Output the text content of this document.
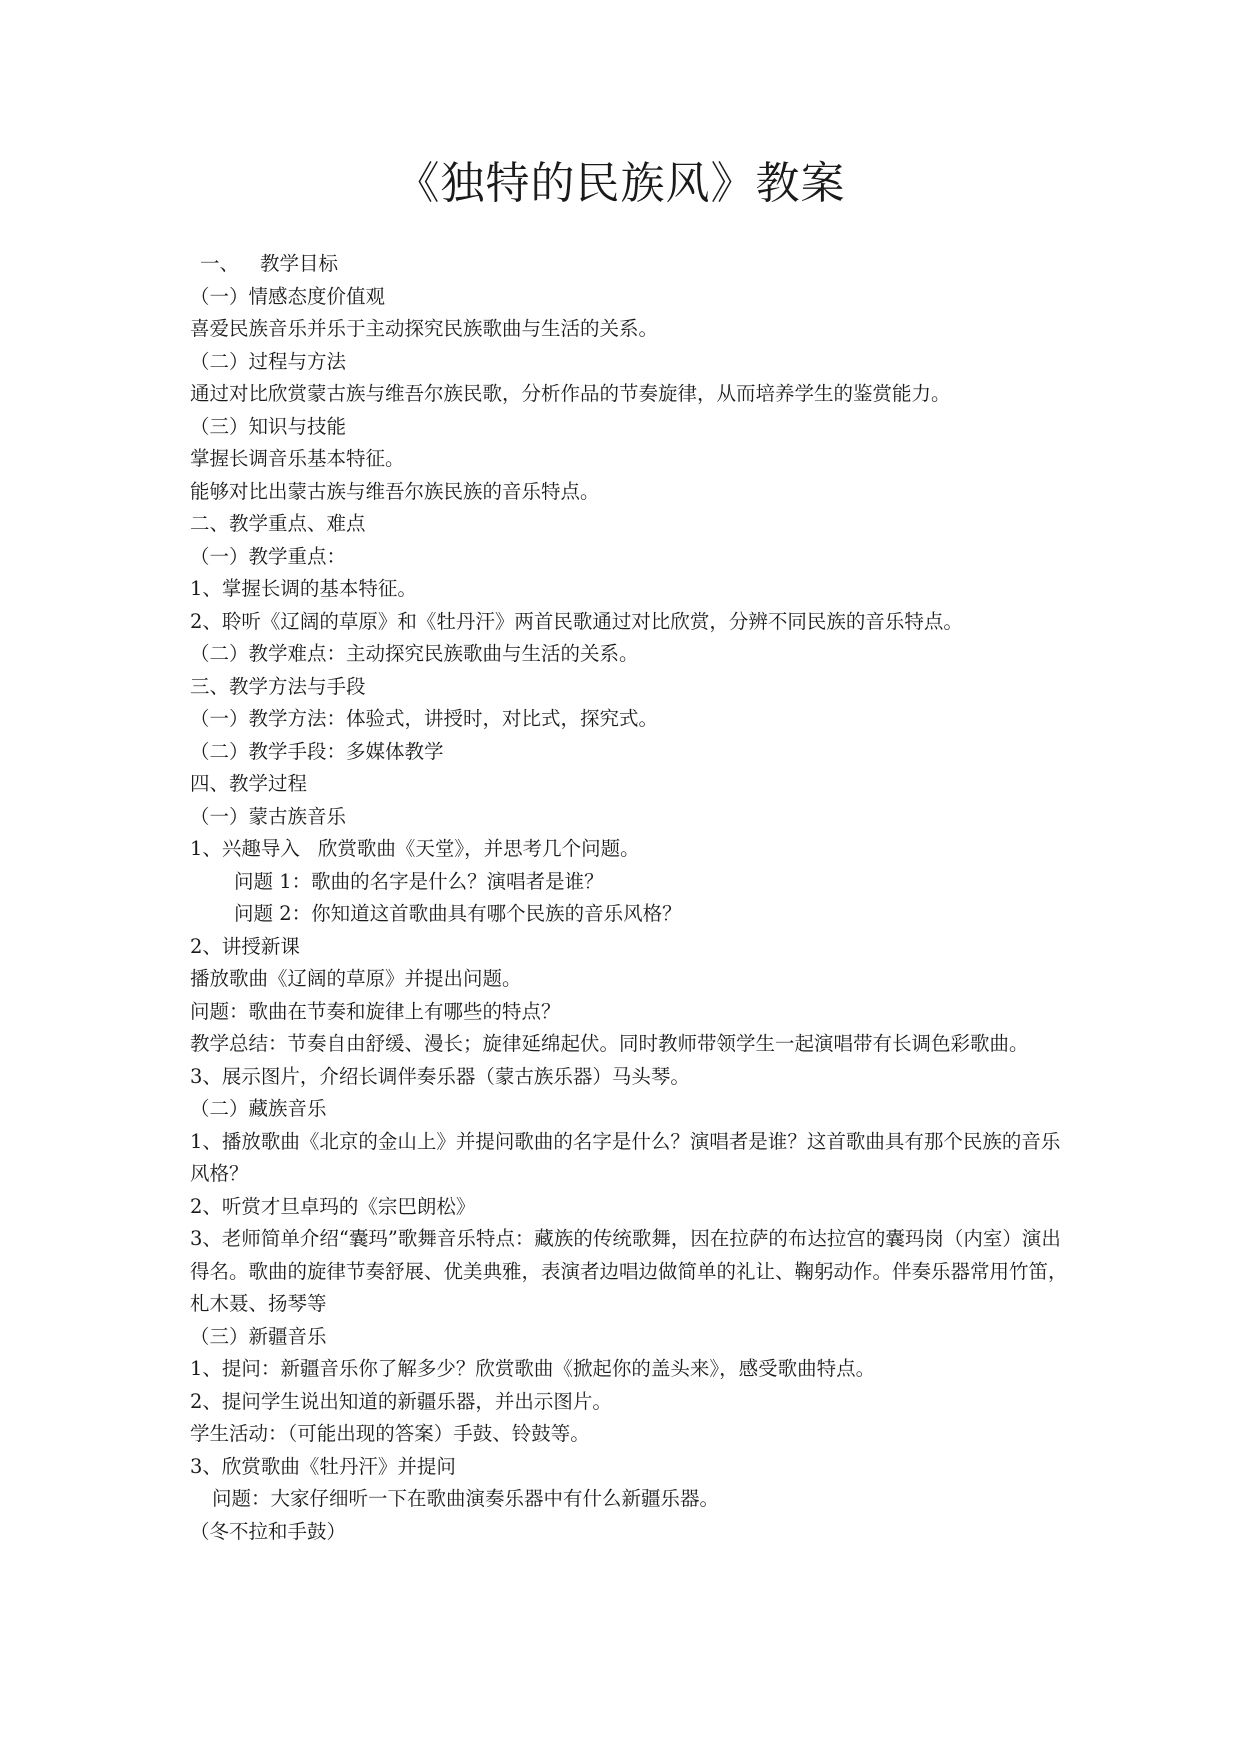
《独特的民族风》教案

一、 教学目标

（一）情感态度价值观

喜爱民族音乐并乐于主动探究民族歌曲与生活的关系。

（二）过程与方法

通过对比欣赏蒙古族与维吾尔族民歌，分析作品的节奏旋律，从而培养学生的鉴赏能力。

（三）知识与技能

掌握长调音乐基本特征。

能够对比出蒙古族与维吾尔族民族的音乐特点。

二、教学重点、难点

（一）教学重点：

1、掌握长调的基本特征。

2、聆听《辽阔的草原》和《牡丹汗》两首民歌通过对比欣赏，分辨不同民族的音乐特点。

（二）教学难点：主动探究民族歌曲与生活的关系。

三、教学方法与手段

（一）教学方法：体验式，讲授时，对比式，探究式。

（二）教学手段：多媒体教学

四、教学过程

（一）蒙古族音乐

1、兴趣导入 欣赏歌曲《天堂》，并思考几个问题。

问题 1：歌曲的名字是什么？演唱者是谁？

问题 2：你知道这首歌曲具有哪个民族的音乐风格？

2、讲授新课

播放歌曲《辽阔的草原》并提出问题。

问题：歌曲在节奏和旋律上有哪些的特点？

教学总结：节奏自由舒缓、漫长；旋律延绵起伏。同时教师带领学生一起演唱带有长调色彩歌曲。

3、展示图片，介绍长调伴奏乐器（蒙古族乐器）马头琴。

（二）藏族音乐

1、播放歌曲《北京的金山上》并提问歌曲的名字是什么？演唱者是谁？这首歌曲具有那个民族的音乐风格？

2、听赏才旦卓玛的《宗巴朗松》

3、老师简单介绍“囊玛”歌舞音乐特点：藏族的传统歌舞，因在拉萨的布达拉宫的囊玛岗（内室）演出得名。歌曲的旋律节奏舒展、优美典雅，表演者边唱边做简单的礼让、鞠躬动作。伴奏乐器常用竹笛，札木聂、扬琴等

（三）新疆音乐

1、提问：新疆音乐你了解多少？欣赏歌曲《掀起你的盖头来》，感受歌曲特点。

2、提问学生说出知道的新疆乐器，并出示图片。

学生活动：（可能出现的答案）手鼓、铃鼓等。

3、欣赏歌曲《牡丹汗》并提问

问题：大家仔细听一下在歌曲演奏乐器中有什么新疆乐器。

（冬不拉和手鼓）
